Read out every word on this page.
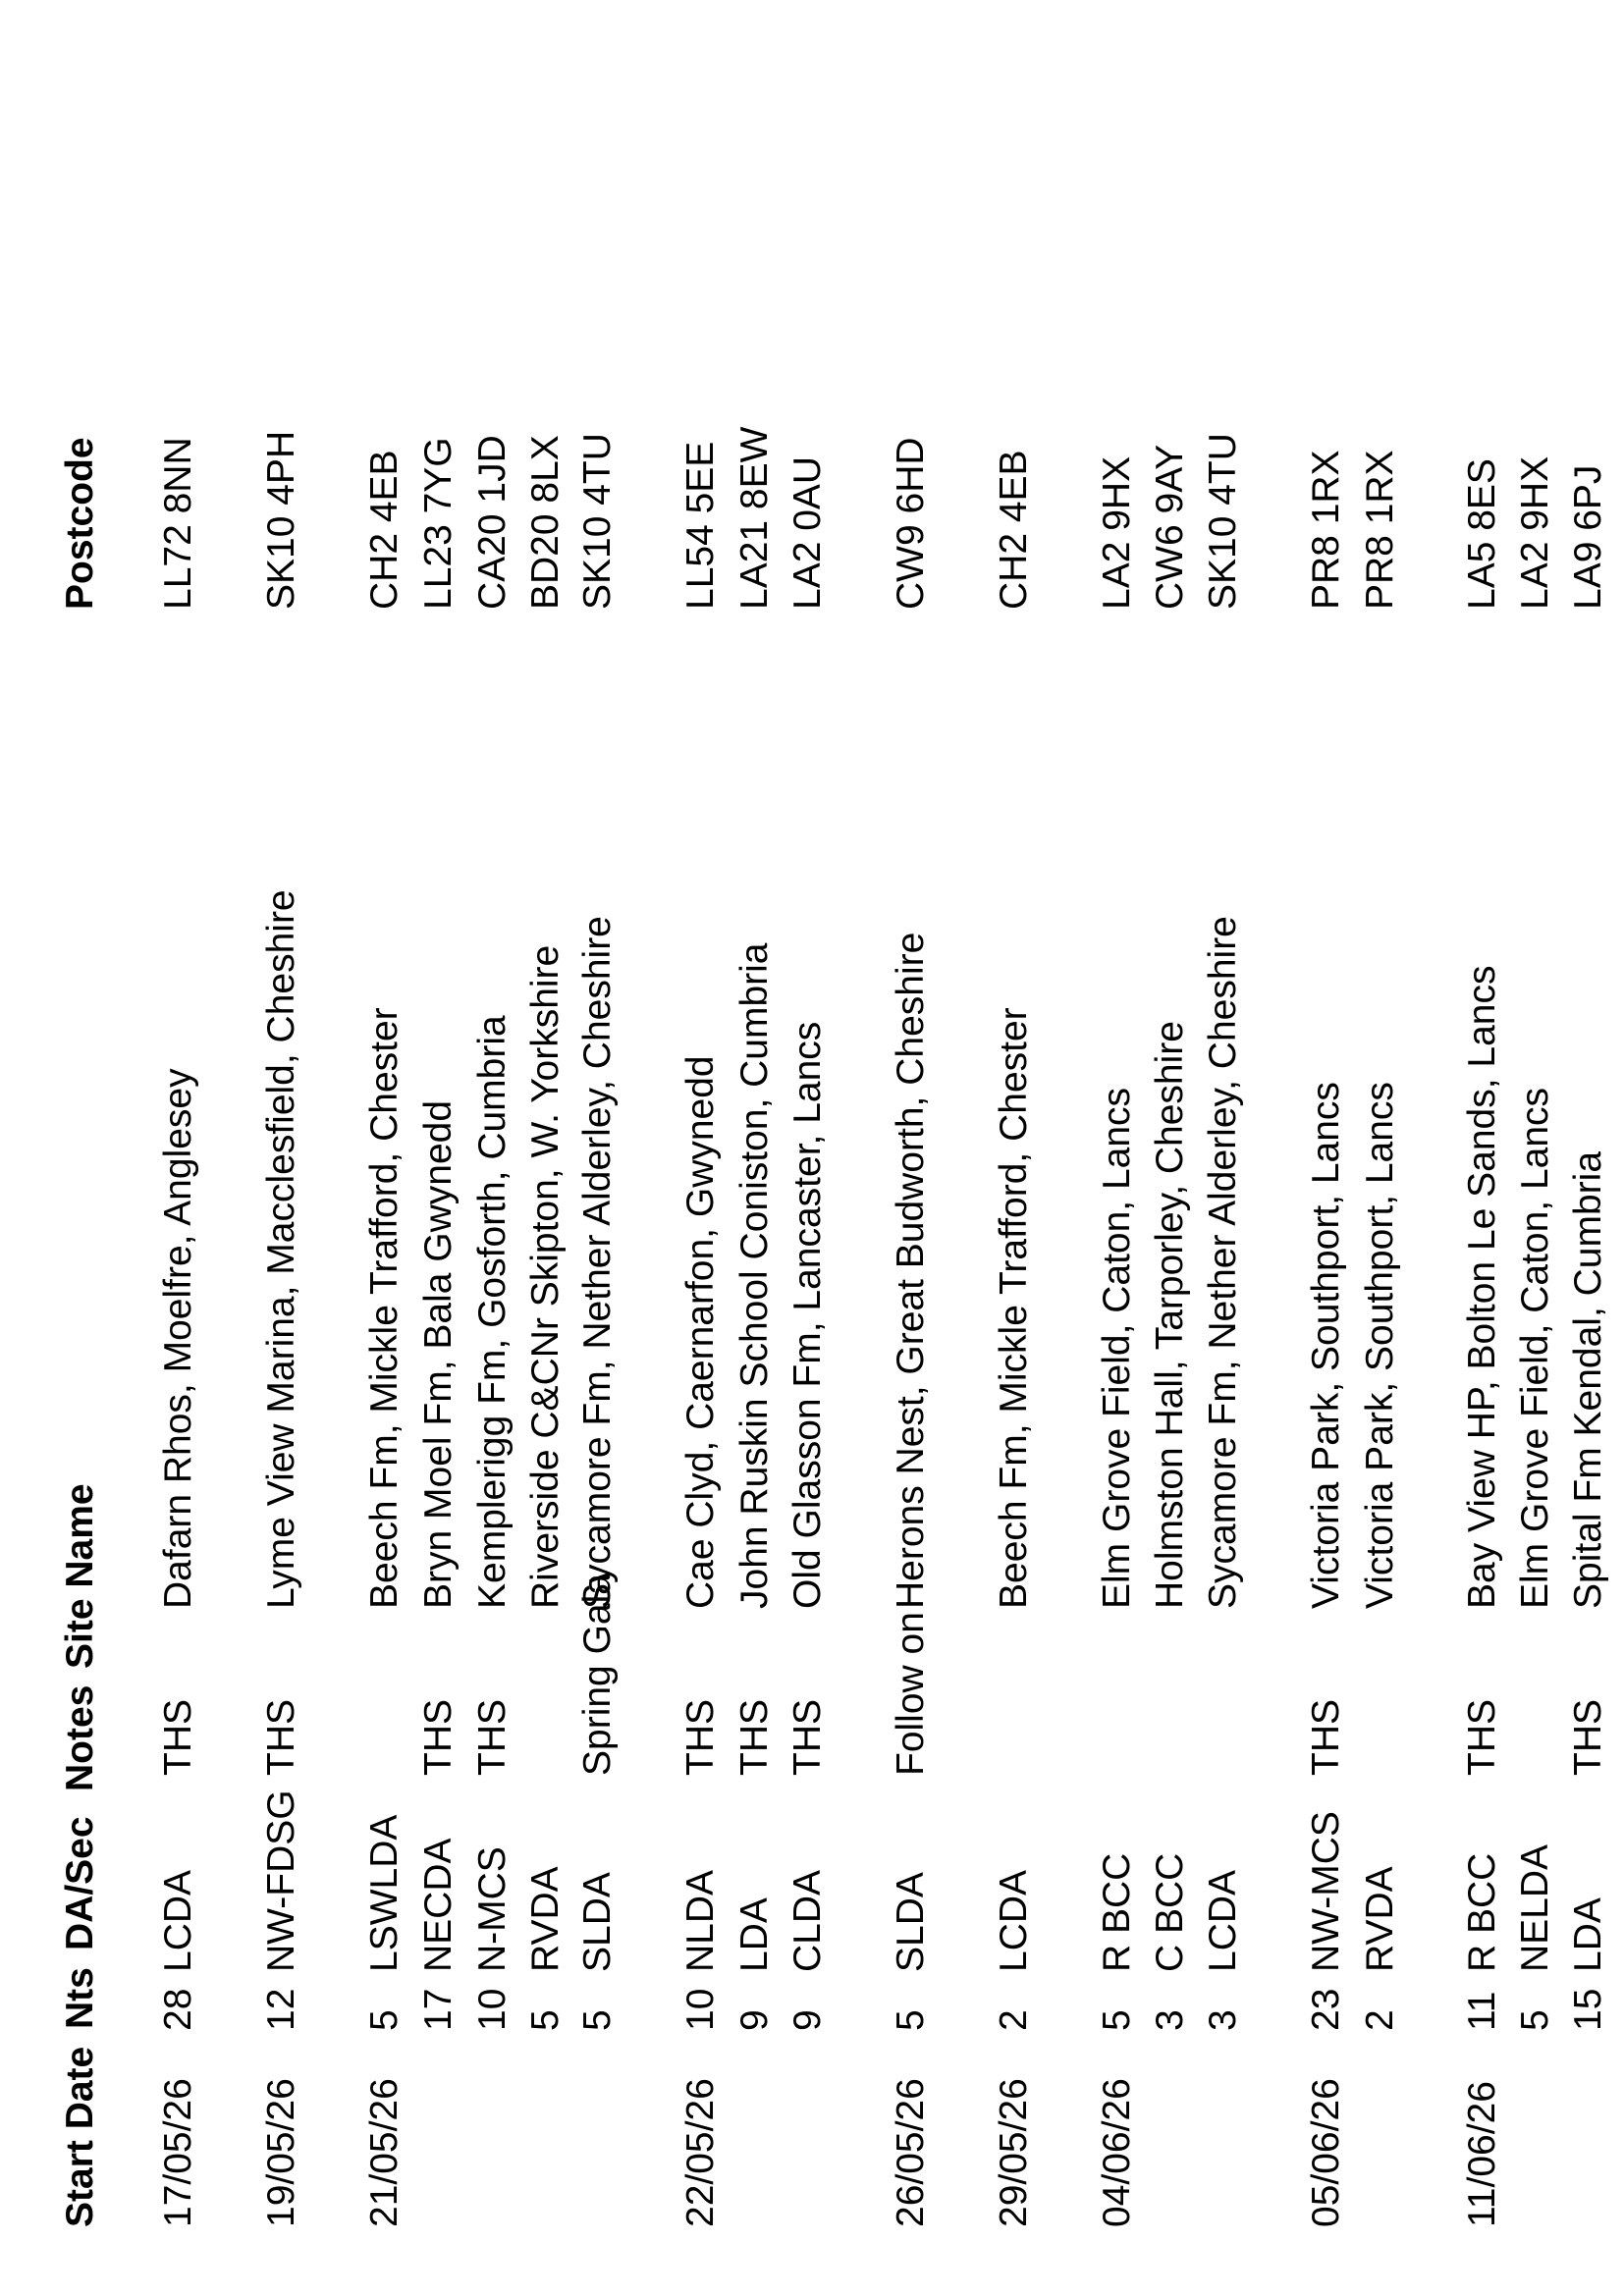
Start Date
Nts
DA/Sec
Notes
Site Name
Postcode
17/05/26
28
LCDA
THS
Dafarn Rhos, Moelfre, Anglesey
LL72 8NN
19/05/26
12
NW-FDSG
THS
Lyme View Marina, Macclesfield, Cheshire
SK10 4PH
21/05/26
5
LSWLDA
Beech Fm, Mickle Trafford, Chester
CH2 4EB
17
NECDA
THS
Bryn Moel Fm, Bala Gwynedd
LL23 7YG
10
N-MCS
THS
Kemplerigg Fm, Gosforth, Cumbria
CA20 1JD
5
RVDA
Riverside C&CNr Skipton, W. Yorkshire
BD20 8LX
5
SLDA
Spring Gala
Sycamore Fm, Nether Alderley, Cheshire
SK10 4TU
22/05/26
10
NLDA
THS
Cae Clyd, Caernarfon, Gwynedd
LL54 5EE
9
LDA
THS
John Ruskin School Coniston, Cumbria
LA21 8EW
9
CLDA
THS
Old Glasson Fm, Lancaster, Lancs
LA2 0AU
26/05/26
5
SLDA
Follow on
Herons Nest, Great Budworth, Cheshire
CW9 6HD
29/05/26
2
LCDA
Beech Fm, Mickle Trafford, Chester
CH2 4EB
04/06/26
5
R BCC
Elm Grove Field, Caton, Lancs
LA2 9HX
3
C BCC
Holmston Hall, Tarporley, Cheshire
CW6 9AY
3
LCDA
Sycamore Fm, Nether Alderley, Cheshire
SK10 4TU
05/06/26
23
NW-MCS
THS
Victoria Park, Southport, Lancs
PR8 1RX
2
RVDA
Victoria Park, Southport, Lancs
PR8 1RX
11/06/26
11
R BCC
THS
Bay View HP, Bolton Le Sands, Lancs
LA5 8ES
5
NELDA
Elm Grove Field, Caton, Lancs
LA2 9HX
15
LDA
THS
Spital Fm Kendal, Cumbria
LA9 6PJ
